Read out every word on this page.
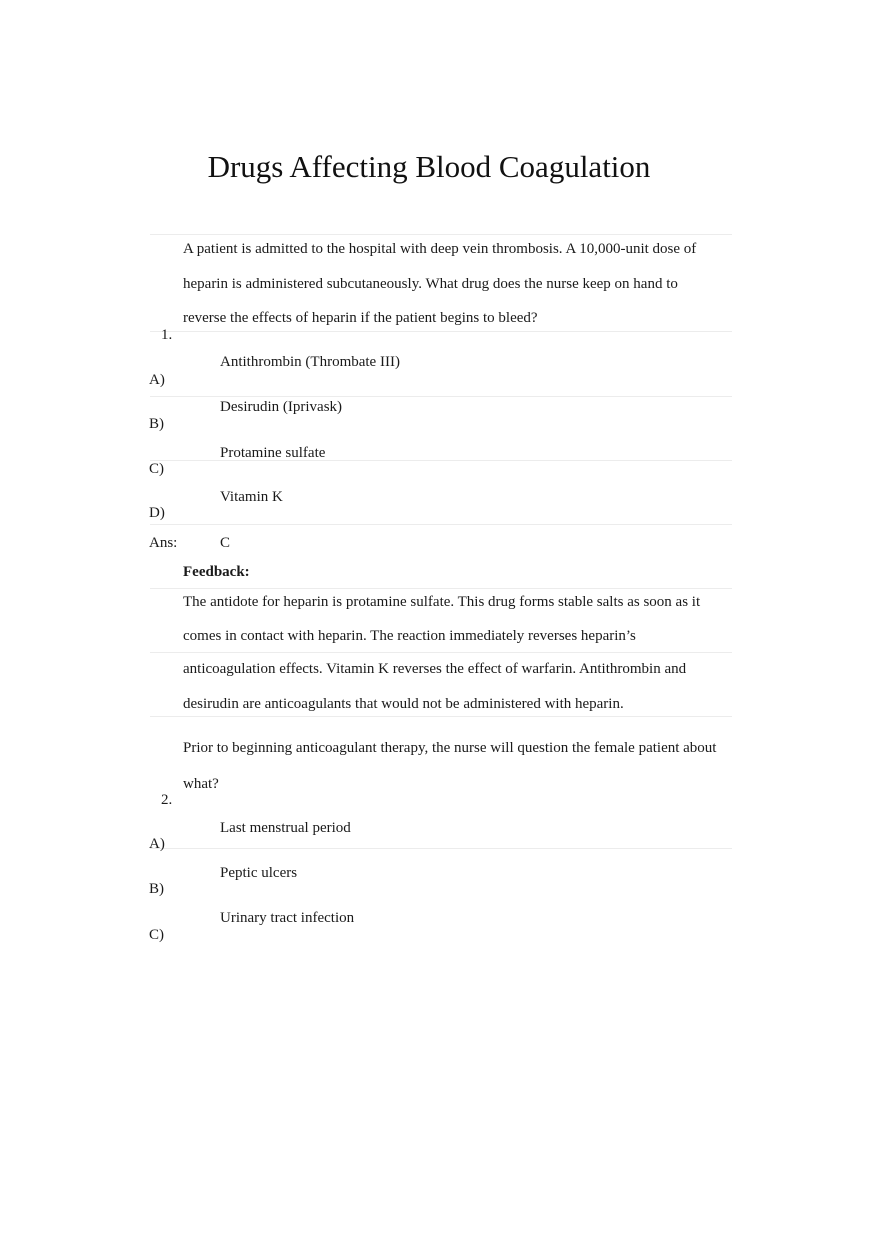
Drugs Affecting Blood Coagulation
A patient is admitted to the hospital with deep vein thrombosis. A 10,000-unit dose of
heparin is administered subcutaneously. What drug does the nurse keep on hand to
reverse the effects of heparin if the patient begins to bleed?
1.
Antithrombin (Thrombate III)
A)
Desirudin (Iprivask)
B)
Protamine sulfate
C)
Vitamin K
D)
Ans:	C
Feedback:
The antidote for heparin is protamine sulfate. This drug forms stable salts as soon as it
comes in contact with heparin. The reaction immediately reverses heparin’s
anticoagulation effects. Vitamin K reverses the effect of warfarin. Antithrombin and
desirudin are anticoagulants that would not be administered with heparin.
Prior to beginning anticoagulant therapy, the nurse will question the female patient about
what?
2.
Last menstrual period
A)
Peptic ulcers
B)
Urinary tract infection
C)
